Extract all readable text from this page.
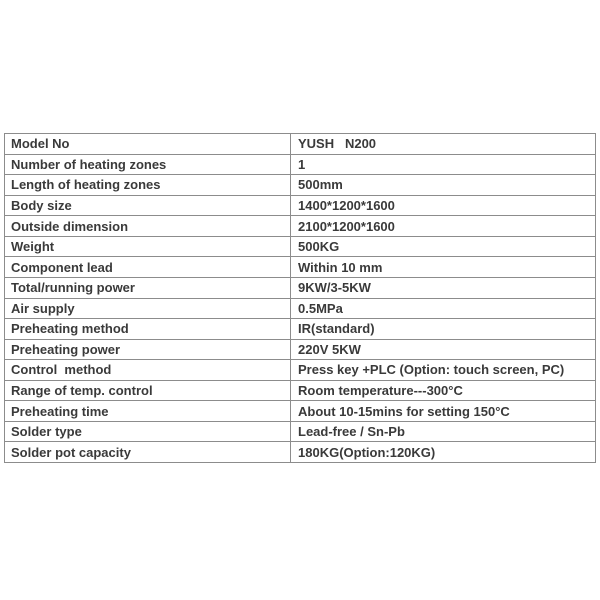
Model No	YUSH   N200
Number of heating zones	1
Length of heating zones	500mm
Body size	1400*1200*1600
Outside dimension	2100*1200*1600
Weight	500KG
Component lead	Within 10 mm
Total/running power	9KW/3-5KW
Air supply	0.5MPa
Preheating method	IR(standard)
Preheating power	220V 5KW
Control  method	Press key +PLC (Option: touch screen, PC)
Range of temp. control	Room temperature---300°C
Preheating time	About 10-15mins for setting 150°C
Solder type	Lead-free / Sn-Pb
Solder pot capacity	180KG(Option:120KG)
